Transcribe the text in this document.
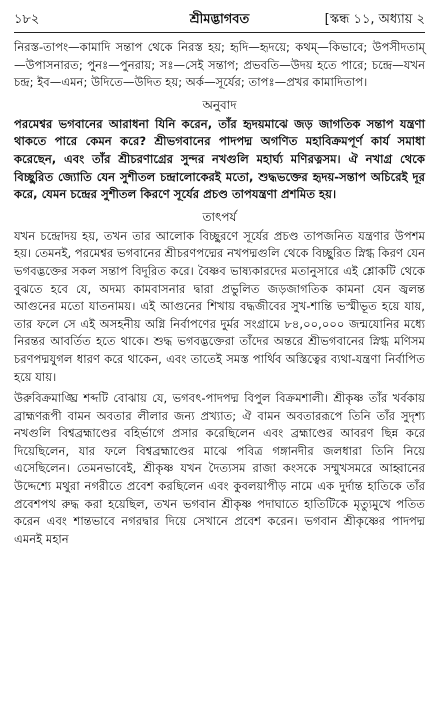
১৮২	শ্রীমদ্ভাগবত	[স্কন্ধ ১১, অধ্যায় ২

নিরস্ত-তাপং—কামাদি সন্তাপ থেকে নিরস্ত হয়; হৃদি—হৃদয়ে; কথম্—কিভাবে; উপসীদতাম্—উপাসনারত; পুনঃ—পুনরায়; সঃ—সেই সন্তাপ; প্রভবতি—উদয় হতে পারে; চন্দ্রে—যখন চন্দ্র; ইব—এমন; উদিতে—উদিত হয়; অর্ক—সূর্যের; তাপঃ—প্রখর কামাদিতাপ।

অনুবাদ

পরমেশ্বর ভগবানের আরাধনা যিনি করেন, তাঁর হৃদয়মাঝে জড় জাগতিক সন্তাপ যন্ত্রণা থাকতে পারে কেমন করে? শ্রীভগবানের পাদপদ্ম অগণিত মহাবিক্রমপূর্ণ কার্য সমাধা করেছেন, এবং তাঁর শ্রীচরণাগ্রের সুন্দর নখগুলি মহার্ঘ্য মণিরত্নসম। ঐ নখাগ্র থেকে বিচ্ছুরিত জ্যোতি যেন সুশীতল চন্দ্রালোকেরই মতো, শুদ্ধভক্তের হৃদয়-সন্তাপ অচিরেই দূর করে, যেমন চন্দ্রের সুশীতল কিরণে সূর্যের প্রচণ্ড তাপযন্ত্রণা প্রশমিত হয়।

তাৎপর্য

যখন চন্দ্রোদয় হয়, তখন তার আলোক বিচ্ছুরণে সূর্যের প্রচণ্ড তাপজনিত যন্ত্রণার উপশম হয়। তেমনই, পরমেশ্বর ভগবানের শ্রীচরণপদ্মের নখপদ্মগুলি থেকে বিচ্ছুরিত স্নিগ্ধ কিরণ যেন ভগবদ্ভক্তের সকল সন্তাপ বিদূরিত করে। বৈষ্ণব ভাষ্যকারদের মতানুসারে এই শ্লোকটি থেকে বুঝতে হবে যে, অদম্য কামবাসনার দ্বারা প্রভুলিত জড়জাগতিক কামনা যেন জ্বলন্ত আগুনের মতো যাতনাময়। এই আগুনের শিখায় বদ্ধজীবের সুখ-শান্তি ভস্মীভূত হয়ে যায়, তার ফলে সে এই অসহনীয় অগ্নি নির্বাপণের দুর্মর সংগ্রামে ৮৪,০০,০০০ জন্মযোনির মধ্যে নিরন্তর আবর্তিত হতে থাকে। শুদ্ধ ভগবদ্ভক্তেরা তাঁদের অন্তরে শ্রীভগবানের স্নিগ্ধ মণিসম চরণপদ্মযুগল ধারণ করে থাকেন, এবং তাতেই সমস্ত পার্থিব অস্তিত্বের ব্যথা-যন্ত্রণা নির্বাপিত হয়ে যায়।

উরুবিক্রমাঙ্ঘ্রি শব্দটি বোঝায় যে, ভগবৎ-পাদপদ্ম বিপুল বিক্রমশালী। শ্রীকৃষ্ণ তাঁর খর্বকায় ব্রাহ্মণরূপী বামন অবতার লীলার জন্য প্রখ্যাত; ঐ বামন অবতাররূপে তিনি তাঁর সুদৃশ্য নখগুলি বিশ্বব্রহ্মাণ্ডের বহির্ভাগে প্রসার করেছিলেন এবং ব্রহ্মাণ্ডের আবরণ ছিন্ন করে দিয়েছিলেন, যার ফলে বিশ্বব্রহ্মাণ্ডের মাঝে পবিত্র গঙ্গানদীর জলধারা তিনি নিয়ে এসেছিলেন। তেমনভাবেই, শ্রীকৃষ্ণ যখন দৈত্যসম রাজা কংসকে সম্মুখসমরে আহ্বানের উদ্দেশ্যে মথুরা নগরীতে প্রবেশ করছিলেন এবং কুবলয়াপীড় নামে এক দুর্দান্ত হাতিকে তাঁর প্রবেশপথ রুদ্ধ করা হয়েছিল, তখন ভগবান শ্রীকৃষ্ণ পদাঘাতে হাতিটিকে মৃত্যুমুখে পতিত করেন এবং শান্তভাবে নগরদ্বার দিয়ে সেখানে প্রবেশ করেন। ভগবান শ্রীকৃষ্ণের পাদপদ্ম এমনই মহান
